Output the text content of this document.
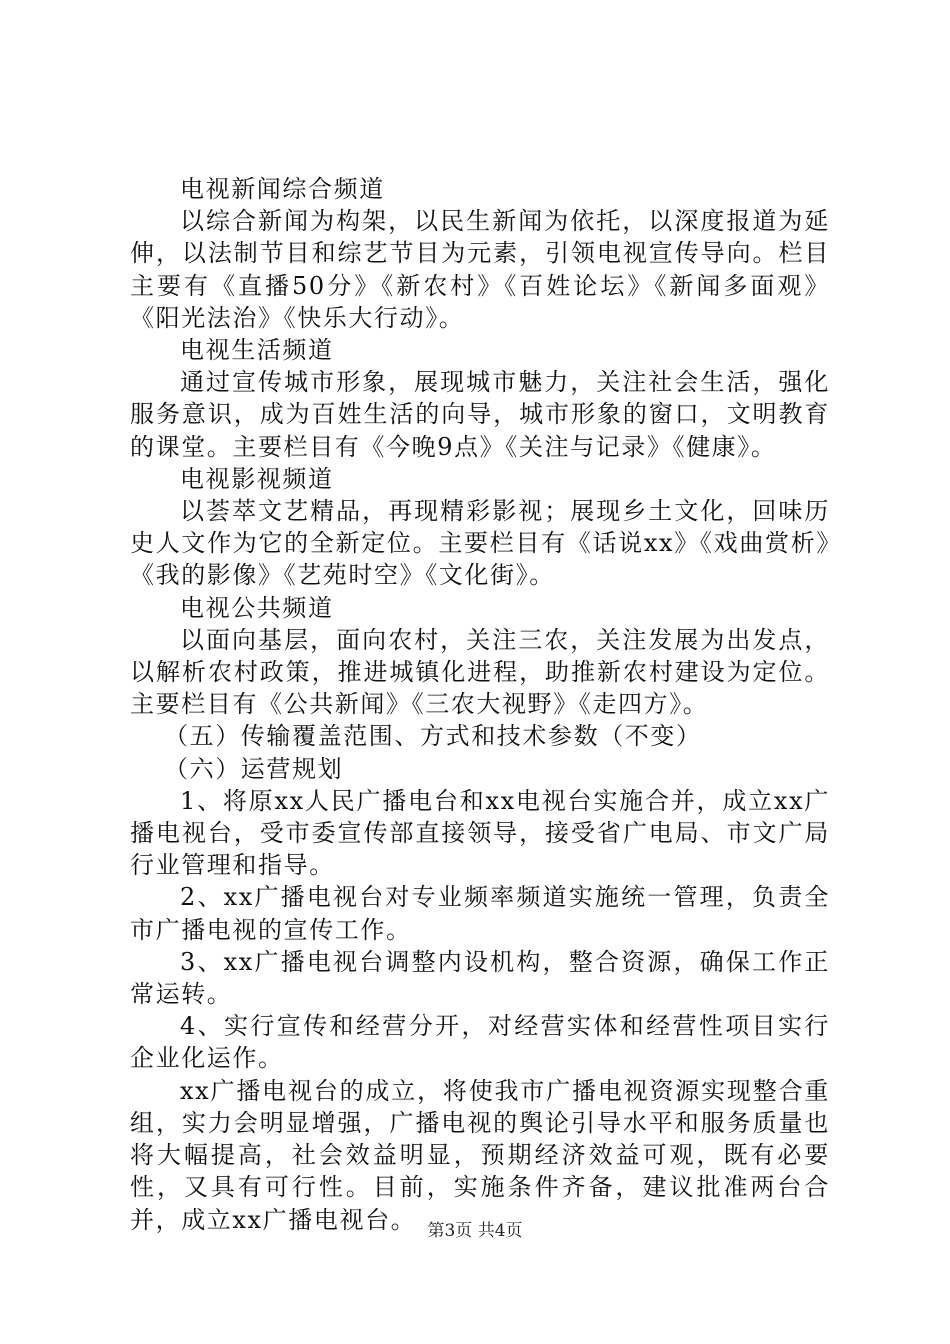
电视新闻综合频道

以综合新闻为构架，以民生新闻为依托，以深度报道为延伸，以法制节目和综艺节目为元素，引领电视宣传导向。栏目主要有《直播50分》《新农村》《百姓论坛》《新闻多面观》《阳光法治》《快乐大行动》。

电视生活频道

通过宣传城市形象，展现城市魅力，关注社会生活，强化服务意识，成为百姓生活的向导，城市形象的窗口，文明教育的课堂。主要栏目有《今晚9点》《关注与记录》《健康》。

电视影视频道

以荟萃文艺精品，再现精彩影视；展现乡土文化，回味历史人文作为它的全新定位。主要栏目有《话说xx》《戏曲赏析》《我的影像》《艺苑时空》《文化街》。

电视公共频道

以面向基层，面向农村，关注三农，关注发展为出发点，以解析农村政策，推进城镇化进程，助推新农村建设为定位。主要栏目有《公共新闻》《三农大视野》《走四方》。

（五）传输覆盖范围、方式和技术参数（不变）

（六）运营规划

1、将原xx人民广播电台和xx电视台实施合并，成立xx广播电视台，受市委宣传部直接领导，接受省广电局、市文广局行业管理和指导。

2、xx广播电视台对专业频率频道实施统一管理，负责全市广播电视的宣传工作。

3、xx广播电视台调整内设机构，整合资源，确保工作正常运转。

4、实行宣传和经营分开，对经营实体和经营性项目实行企业化运作。

xx广播电视台的成立，将使我市广播电视资源实现整合重组，实力会明显增强，广播电视的舆论引导水平和服务质量也将大幅提高，社会效益明显，预期经济效益可观，既有必要性，又具有可行性。目前，实施条件齐备，建议批准两台合并，成立xx广播电视台。 第3页 共4页
